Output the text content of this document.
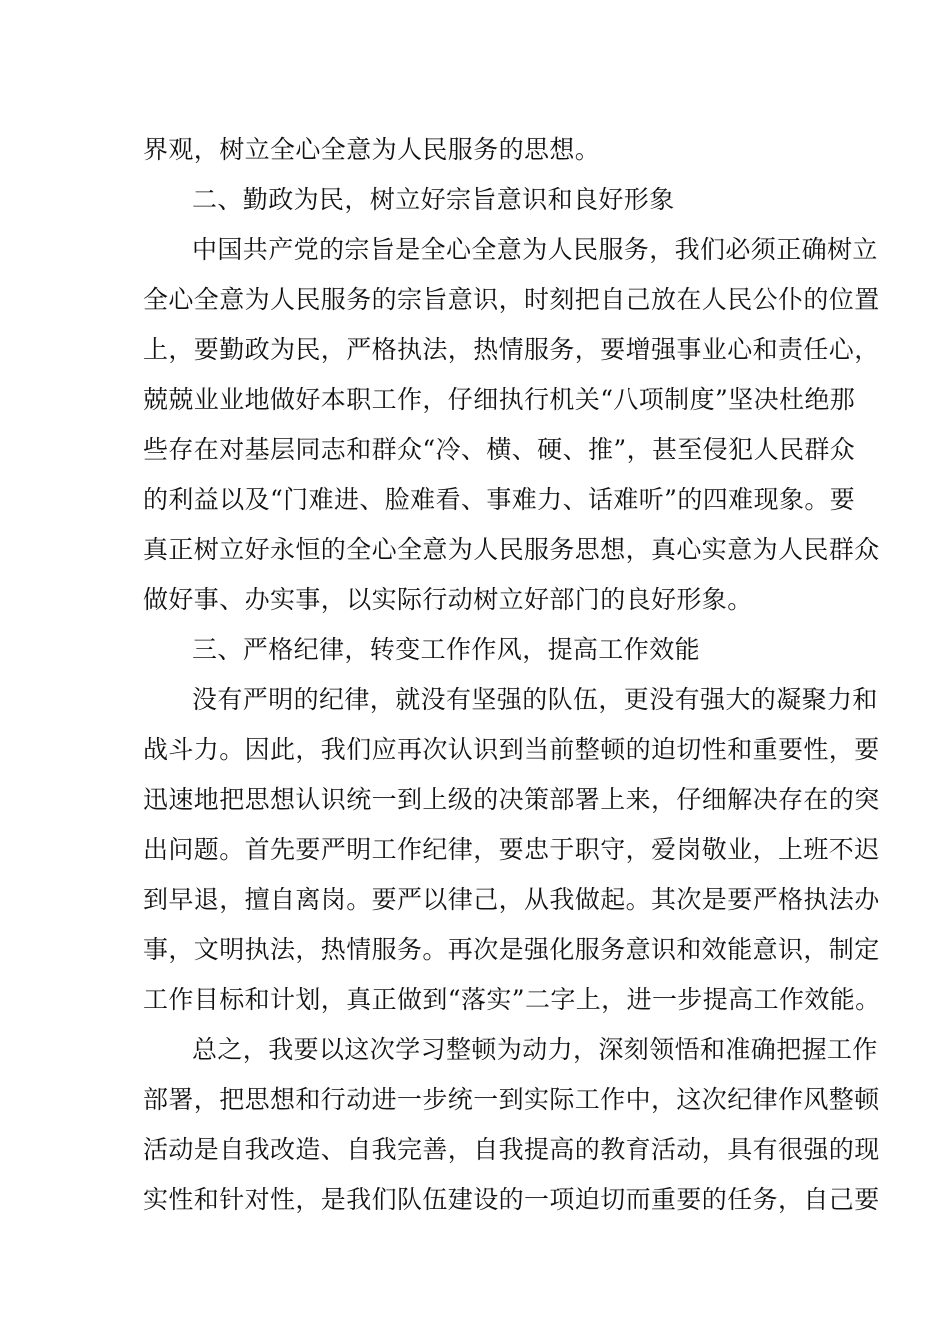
界观，树立全心全意为人民服务的思想。

二、勤政为民，树立好宗旨意识和良好形象

中国共产党的宗旨是全心全意为人民服务，我们必须正确树立

全心全意为人民服务的宗旨意识，时刻把自己放在人民公仆的位置

上，要勤政为民，严格执法，热情服务，要增强事业心和责任心，

兢兢业业地做好本职工作，仔细执行机关“八项制度”坚决杜绝那

些存在对基层同志和群众“冷、横、硬、推”，甚至侵犯人民群众

的利益以及“门难进、脸难看、事难力、话难听”的四难现象。要

真正树立好永恒的全心全意为人民服务思想，真心实意为人民群众

做好事、办实事，以实际行动树立好部门的良好形象。

三、严格纪律，转变工作作风，提高工作效能

没有严明的纪律，就没有坚强的队伍，更没有强大的凝聚力和

战斗力。因此，我们应再次认识到当前整顿的迫切性和重要性，要

迅速地把思想认识统一到上级的决策部署上来，仔细解决存在的突

出问题。首先要严明工作纪律，要忠于职守，爱岗敬业，上班不迟

到早退，擅自离岗。要严以律己，从我做起。其次是要严格执法办

事，文明执法，热情服务。再次是强化服务意识和效能意识，制定

工作目标和计划，真正做到“落实”二字上，进一步提高工作效能。

总之，我要以这次学习整顿为动力，深刻领悟和准确把握工作

部署，把思想和行动进一步统一到实际工作中，这次纪律作风整顿

活动是自我改造、自我完善，自我提高的教育活动，具有很强的现

实性和针对性，是我们队伍建设的一项迫切而重要的任务，自己要
